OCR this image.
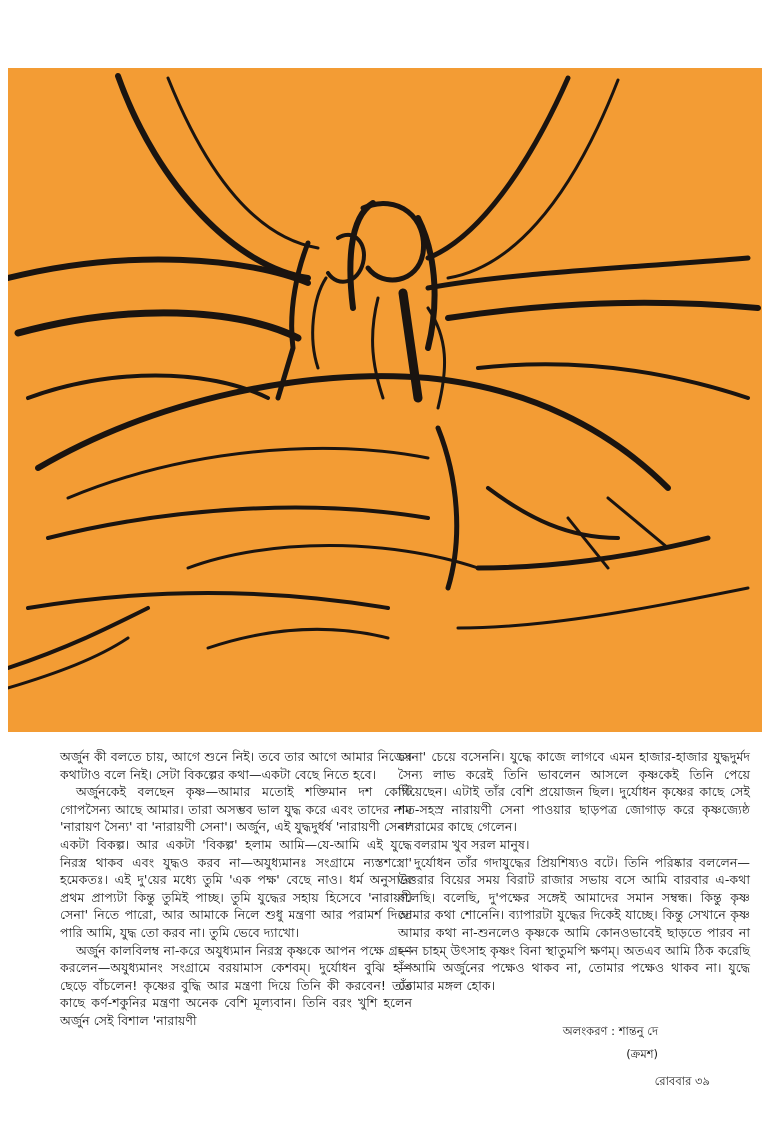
অর্জুন কী বলতে চায়, আগে শুনে নিই। তবে তার আগে আমার নিজের কথাটাও বলে নিই। সেটা বিকল্পের কথা—একটা বেছে নিতে হবে।

অর্জুনকেই বলছেন কৃষ্ণ—আমার মতোই শক্তিমান দশ কোটি গোপসৈন্য আছে আমার। তারা অসম্ভব ভাল যুদ্ধ করে এবং তাদের নাম 'নারায়ণ সৈন্য' বা 'নারায়ণী সেনা'। অর্জুন, এই যুদ্ধদুর্ধর্ষ 'নারায়ণী সেনা' একটা বিকল্প। আর একটা 'বিকল্প' হলাম আমি—যে-আমি এই যুদ্ধে নিরস্ত্র থাকব এবং যুদ্ধও করব না—অযুধ্যমানঃ সংগ্রামে ন্যস্তশস্ত্রো' হমেকতঃ। এই দু'য়ের মধ্যে তুমি 'এক পক্ষ' বেছে নাও। ধর্ম অনুসারে প্রথম প্রাপ্যটা কিন্তু তুমিই পাচ্ছ। তুমি যুদ্ধের সহায় হিসেবে 'নারায়ণী সেনা' নিতে পারো, আর আমাকে নিলে শুধু মন্ত্রণা আর পরামর্শ দিতে পারি আমি, যুদ্ধ তো করব না। তুমি ভেবে দ্যাখো।

অর্জুন কালবিলম্ব না-করে অযুধ্যমান নিরস্ত্র কৃষ্ণকে আপন পক্ষে গ্রহণ করলেন—অযুধ্যমানং সংগ্রামে বরয়ামাস কেশবম্। দুর্যোধন বুঝি হাঁপ ছেড়ে বাঁচলেন! কৃষ্ণের বুদ্ধি আর মন্ত্রণা দিয়ে তিনি কী করবেন! তাঁর কাছে কর্ণ-শকুনির মন্ত্রণা অনেক বেশি মূল্যবান। তিনি বরং খুশি হলেন অর্জুন সেই বিশাল 'নারায়ণী

সেনা' চেয়ে বসেননি। যুদ্ধে কাজে লাগবে এমন হাজার-হাজার যুদ্ধদুর্মদ সৈন্য লাভ করেই তিনি ভাবলেন আসলে কৃষ্ণকেই তিনি পেয়ে গিয়েছেন। এটাই তাঁর বেশি প্রয়োজন ছিল। দুর্যোধন কৃষ্ণের কাছে সেই শত-সহস্র নারায়ণী সেনা পাওয়ার ছাড়পত্র জোগাড় করে কৃষ্ণজ্যেষ্ঠ বলরামের কাছে গেলেন।

বলরাম খুব সরল মানুষ।

দুর্যোধন তাঁর গদাযুদ্ধের প্রিয়শিষ্যও বটে। তিনি পরিষ্কার বললেন—উত্তরার বিয়ের সময় বিরাট রাজার সভায় বসে আমি বারবার এ-কথা বলেছি। বলেছি, দু'পক্ষের সঙ্গেই আমাদের সমান সম্বন্ধ। কিন্তু কৃষ্ণ আমার কথা শোনেনি। ব্যাপারটা যুদ্ধের দিকেই যাচ্ছে। কিন্তু সেখানে কৃষ্ণ আমার কথা না-শুনলেও কৃষ্ণকে আমি কোনওভাবেই ছাড়তে পারব না—ন চাহম্‌ উৎসাহ কৃষ্ণং বিনা স্থাতুমপি ক্ষণম্। অতএব আমি ঠিক করেছি—আমি অর্জুনের পক্ষেও থাকব না, তোমার পক্ষেও থাকব না। যুদ্ধে তোমার মঙ্গল হোক।

অলংকরণ : শান্তনু দে
(ক্রমশ)
রোববার ৩৯
